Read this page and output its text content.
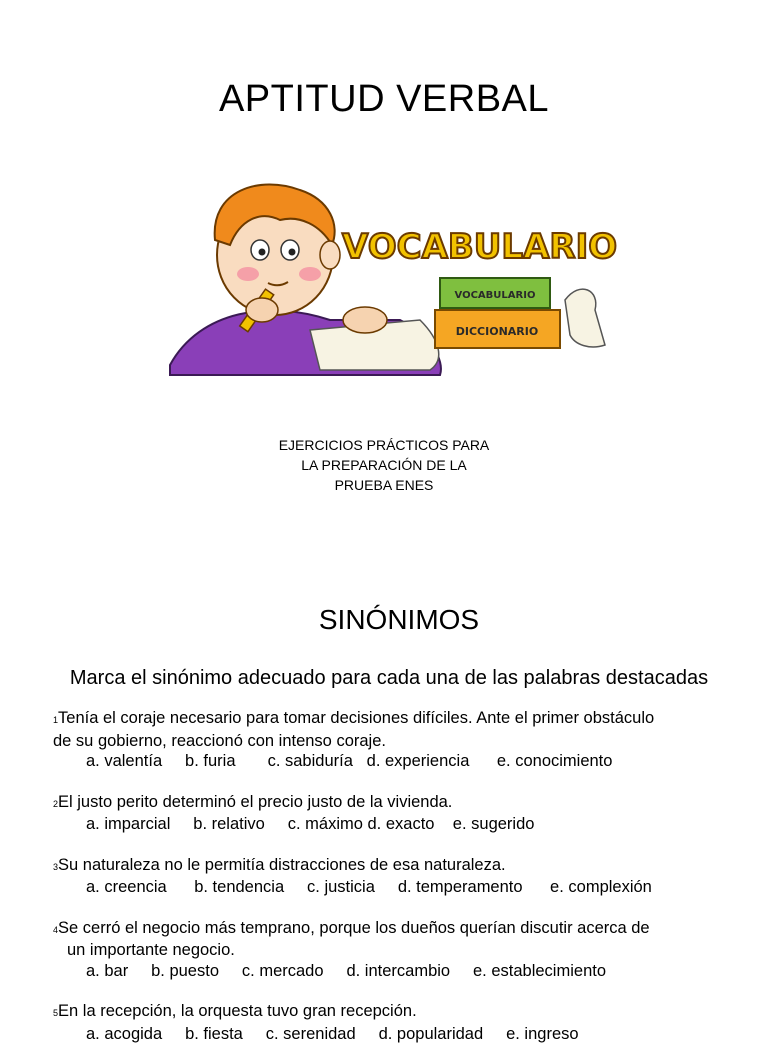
APTITUD VERBAL
VOCABULARIO
VOCABULARIO
DICCIONARIO
EJERCICIOS PRÁCTICOS PARA
LA PREPARACIÓN DE LA
PRUEBA ENES
SINÓNIMOS
Marca el sinónimo adecuado para cada una de las palabras destacadas
1Tenía el coraje necesario para tomar decisiones difíciles. Ante el primer obstáculo
de su gobierno, reaccionó con intenso coraje.
a. valentía     b. furia       c. sabiduría   d. experiencia      e. conocimiento
2El justo perito determinó el precio justo de la vivienda.
a. imparcial     b. relativo     c. máximo d. exacto    e. sugerido
3Su naturaleza no le permitía distracciones de esa naturaleza.
a. creencia      b. tendencia     c. justicia     d. temperamento      e. complexión
4Se cerró el negocio más temprano, porque los dueños querían discutir acerca de
un importante negocio.
a. bar     b. puesto     c. mercado     d. intercambio     e. establecimiento
5En la recepción, la orquesta tuvo gran recepción.
a. acogida     b. fiesta     c. serenidad     d. popularidad     e. ingreso
